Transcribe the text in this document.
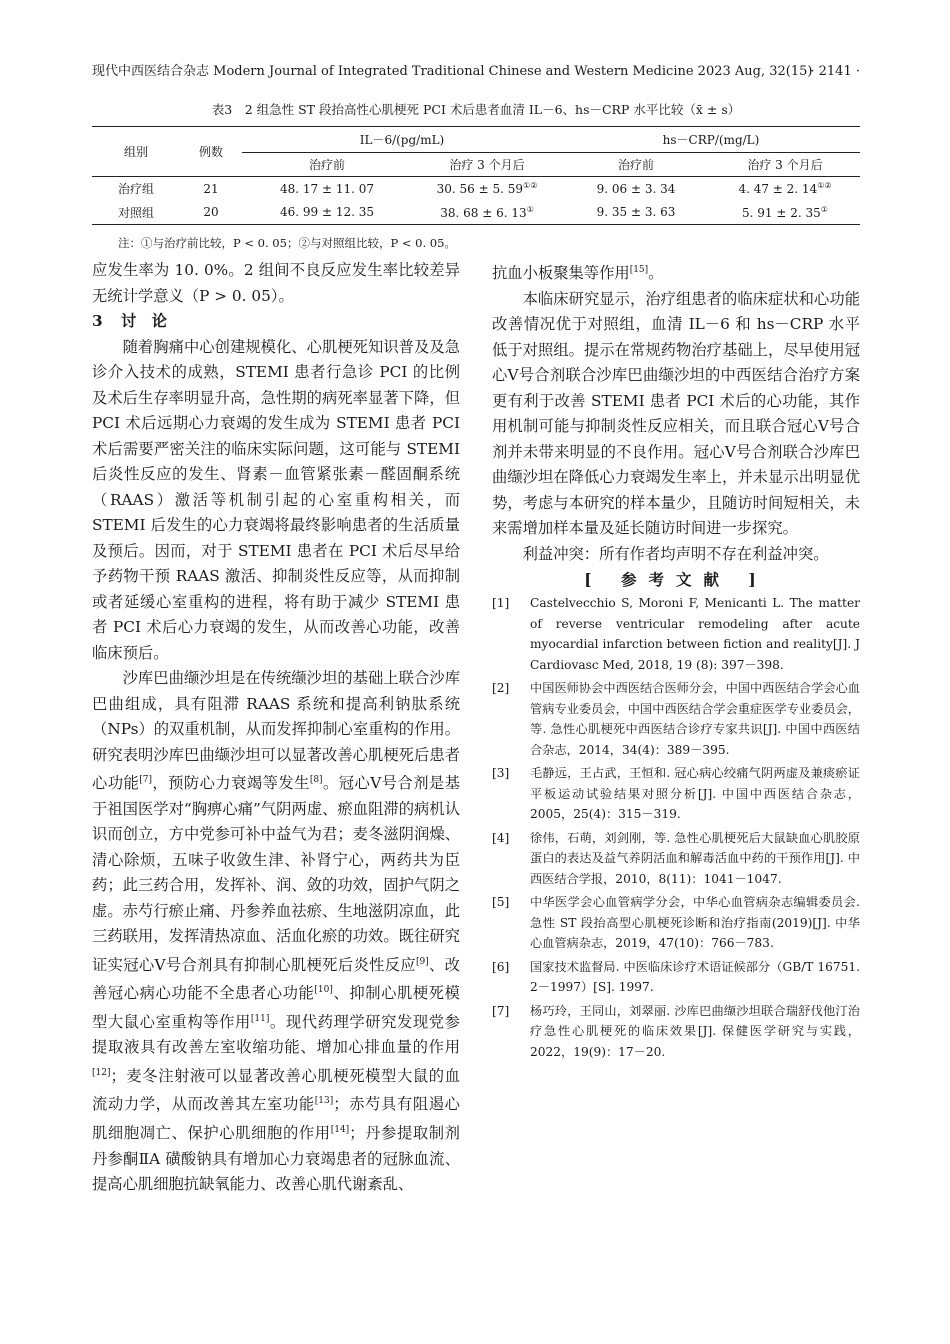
现代中西医结合杂志 Modern Journal of Integrated Traditional Chinese and Western Medicine 2023 Aug, 32(15)
· 2141 ·
表3　2 组急性 ST 段抬高性心肌梗死 PCI 术后患者血清 IL－6、hs－CRP 水平比较（x̄ ± s）
组别	例数	IL－6/(pg/mL)		hs－CRP/(mg/L)	
		治疗前	治疗 3 个月后	治疗前	治疗 3 个月后
治疗组	21	48. 17 ± 11. 07	30. 56 ± 5. 59①②	9. 06 ± 3. 34	4. 47 ± 2. 14①②
对照组	20	46. 99 ± 12. 35	38. 68 ± 6. 13①	9. 35 ± 3. 63	5. 91 ± 2. 35①
注：①与治疗前比较，P < 0. 05；②与对照组比较，P < 0. 05。

应发生率为 10. 0%。2 组间不良反应发生率比较差异无统计学意义（P > 0. 05）。

3 讨　论

随着胸痛中心创建规模化、心肌梗死知识普及及急诊介入技术的成熟，STEMI 患者行急诊 PCI 的比例及术后生存率明显升高，急性期的病死率显著下降，但 PCI 术后远期心力衰竭的发生成为 STEMI 患者 PCI 术后需要严密关注的临床实际问题，这可能与 STEMI 后炎性反应的发生、肾素－血管紧张素－醛固酮系统（RAAS）激活等机制引起的心室重构相关，而 STEMI 后发生的心力衰竭将最终影响患者的生活质量及预后。因而，对于 STEMI 患者在 PCI 术后尽早给予药物干预 RAAS 激活、抑制炎性反应等，从而抑制或者延缓心室重构的进程，将有助于减少 STEMI 患者 PCI 术后心力衰竭的发生，从而改善心功能，改善临床预后。

沙库巴曲缬沙坦是在传统缬沙坦的基础上联合沙库巴曲组成，具有阻滞 RAAS 系统和提高利钠肽系统（NPs）的双重机制，从而发挥抑制心室重构的作用。研究表明沙库巴曲缬沙坦可以显著改善心肌梗死后患者心功能[7]，预防心力衰竭等发生[8]。冠心Ⅴ号合剂是基于祖国医学对“胸痹心痛”气阴两虚、瘀血阻滞的病机认识而创立，方中党参可补中益气为君；麦冬滋阴润燥、清心除烦，五味子收敛生津、补肾宁心，两药共为臣药；此三药合用，发挥补、润、敛的功效，固护气阴之虚。赤芍行瘀止痛、丹参养血祛瘀、生地滋阴凉血，此三药联用，发挥清热凉血、活血化瘀的功效。既往研究证实冠心Ⅴ号合剂具有抑制心肌梗死后炎性反应[9]、改善冠心病心功能不全患者心功能[10]、抑制心肌梗死模型大鼠心室重构等作用[11]。现代药理学研究发现党参提取液具有改善左室收缩功能、增加心排血量的作用[12]；麦冬注射液可以显著改善心肌梗死模型大鼠的血流动力学，从而改善其左室功能[13]；赤芍具有阻遏心肌细胞凋亡、保护心肌细胞的作用[14]；丹参提取制剂丹参酮ⅡA 磺酸钠具有增加心力衰竭患者的冠脉血流、提高心肌细胞抗缺氧能力、改善心肌代谢紊乱、

抗血小板聚集等作用[15]。

本临床研究显示，治疗组患者的临床症状和心功能改善情况优于对照组，血清 IL－6 和 hs－CRP 水平低于对照组。提示在常规药物治疗基础上，尽早使用冠心Ⅴ号合剂联合沙库巴曲缬沙坦的中西医结合治疗方案更有利于改善 STEMI 患者 PCI 术后的心功能，其作用机制可能与抑制炎性反应相关，而且联合冠心Ⅴ号合剂并未带来明显的不良作用。冠心Ⅴ号合剂联合沙库巴曲缬沙坦在降低心力衰竭发生率上，并未显示出明显优势，考虑与本研究的样本量少，且随访时间短相关，未来需增加样本量及延长随访时间进一步探究。

利益冲突：所有作者均声明不存在利益冲突。

[ 参考文献 ]
[1] Castelvecchio S, Moroni F, Menicanti L. The matter of reverse ventricular remodeling after acute myocardial infarction between fiction and reality[J]. J Cardiovasc Med, 2018, 19 (8): 397－398.
[2] 中国医师协会中西医结合医师分会，中国中西医结合学会心血管病专业委员会，中国中西医结合学会重症医学专业委员会，等. 急性心肌梗死中西医结合诊疗专家共识[J]. 中国中西医结合杂志，2014，34(4)：389－395.
[3] 毛静远，王占武，王恒和. 冠心病心绞痛气阴两虚及兼痰瘀证平板运动试验结果对照分析[J]. 中国中西医结合杂志，2005，25(4)：315－319.
[4] 徐伟，石萌，刘剑刚，等. 急性心肌梗死后大鼠缺血心肌胶原蛋白的表达及益气养阴活血和解毒活血中药的干预作用[J]. 中西医结合学报，2010，8(11)：1041－1047.
[5] 中华医学会心血管病学分会，中华心血管病杂志编辑委员会. 急性 ST 段抬高型心肌梗死诊断和治疗指南(2019)[J]. 中华心血管病杂志，2019，47(10)：766－783.
[6] 国家技术监督局. 中医临床诊疗术语证候部分（GB/T 16751. 2－1997）[S]. 1997.
[7] 杨巧玲，王同山，刘翠丽. 沙库巴曲缬沙坦联合瑞舒伐他汀治疗急性心肌梗死的临床效果[J]. 保健医学研究与实践，2022，19(9)：17－20.
